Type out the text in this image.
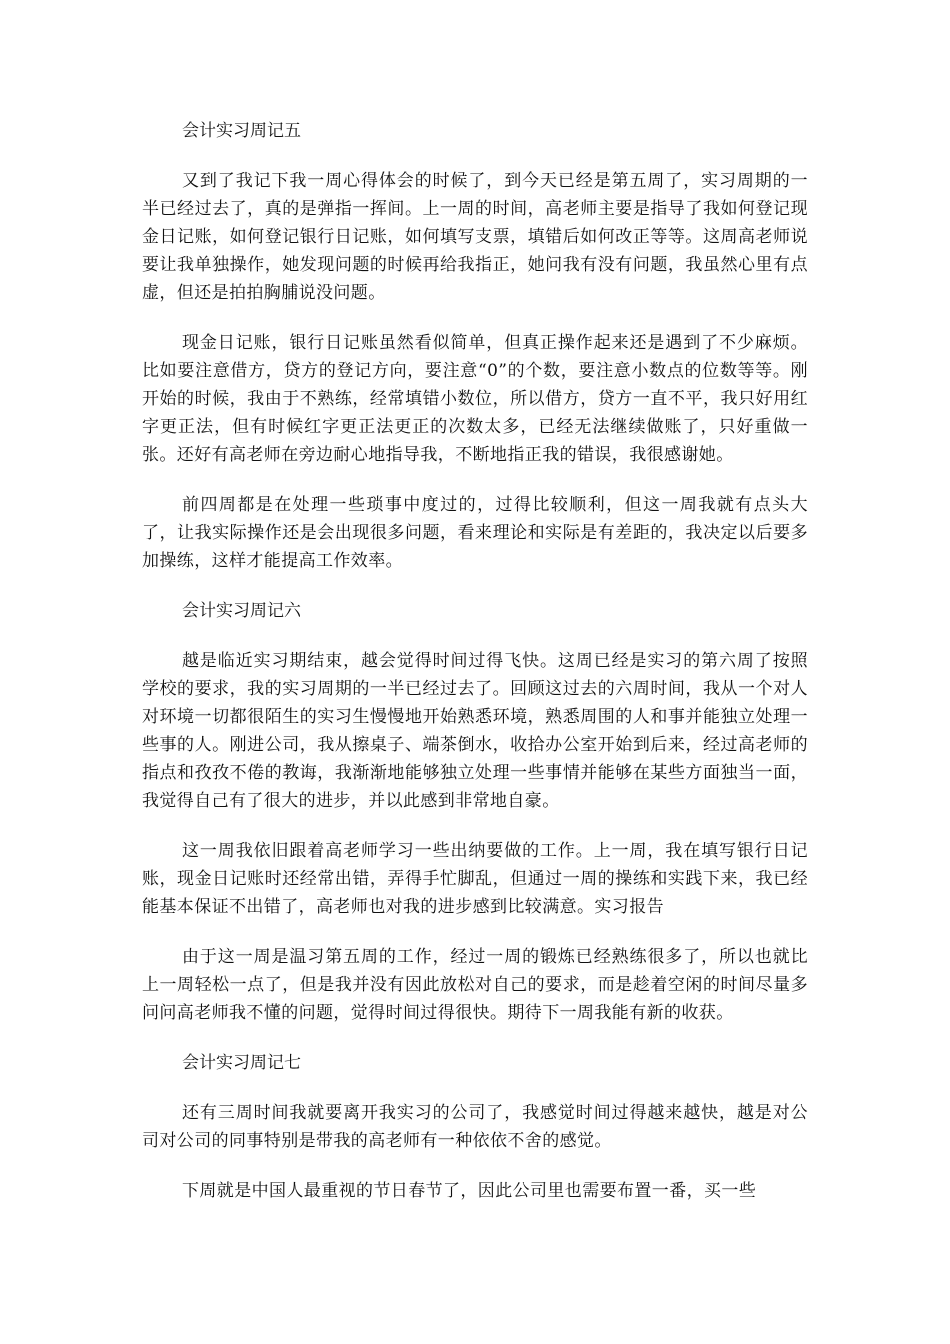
会计实习周记五

又到了我记下我一周心得体会的时候了，到今天已经是第五周了，实习周期的一半已经过去了，真的是弹指一挥间。上一周的时间，高老师主要是指导了我如何登记现金日记账，如何登记银行日记账，如何填写支票，填错后如何改正等等。这周高老师说要让我单独操作，她发现问题的时候再给我指正，她问我有没有问题，我虽然心里有点虚，但还是拍拍胸脯说没问题。

现金日记账，银行日记账虽然看似简单，但真正操作起来还是遇到了不少麻烦。比如要注意借方，贷方的登记方向，要注意“0”的个数，要注意小数点的位数等等。刚开始的时候，我由于不熟练，经常填错小数位，所以借方，贷方一直不平，我只好用红字更正法，但有时候红字更正法更正的次数太多，已经无法继续做账了，只好重做一张。还好有高老师在旁边耐心地指导我，不断地指正我的错误，我很感谢她。

前四周都是在处理一些琐事中度过的，过得比较顺利，但这一周我就有点头大了，让我实际操作还是会出现很多问题，看来理论和实际是有差距的，我决定以后要多加操练，这样才能提高工作效率。

会计实习周记六

越是临近实习期结束，越会觉得时间过得飞快。这周已经是实习的第六周了按照学校的要求，我的实习周期的一半已经过去了。回顾这过去的六周时间，我从一个对人对环境一切都很陌生的实习生慢慢地开始熟悉环境，熟悉周围的人和事并能独立处理一些事的人。刚进公司，我从擦桌子、端茶倒水，收拾办公室开始到后来，经过高老师的指点和孜孜不倦的教诲，我渐渐地能够独立处理一些事情并能够在某些方面独当一面，我觉得自己有了很大的进步，并以此感到非常地自豪。

这一周我依旧跟着高老师学习一些出纳要做的工作。上一周，我在填写银行日记账，现金日记账时还经常出错，弄得手忙脚乱，但通过一周的操练和实践下来，我已经能基本保证不出错了，高老师也对我的进步感到比较满意。实习报告

由于这一周是温习第五周的工作，经过一周的锻炼已经熟练很多了，所以也就比上一周轻松一点了，但是我并没有因此放松对自己的要求，而是趁着空闲的时间尽量多问问高老师我不懂的问题，觉得时间过得很快。期待下一周我能有新的收获。

会计实习周记七

还有三周时间我就要离开我实习的公司了，我感觉时间过得越来越快，越是对公司对公司的同事特别是带我的高老师有一种依依不舍的感觉。

下周就是中国人最重视的节日春节了，因此公司里也需要布置一番，买一些
